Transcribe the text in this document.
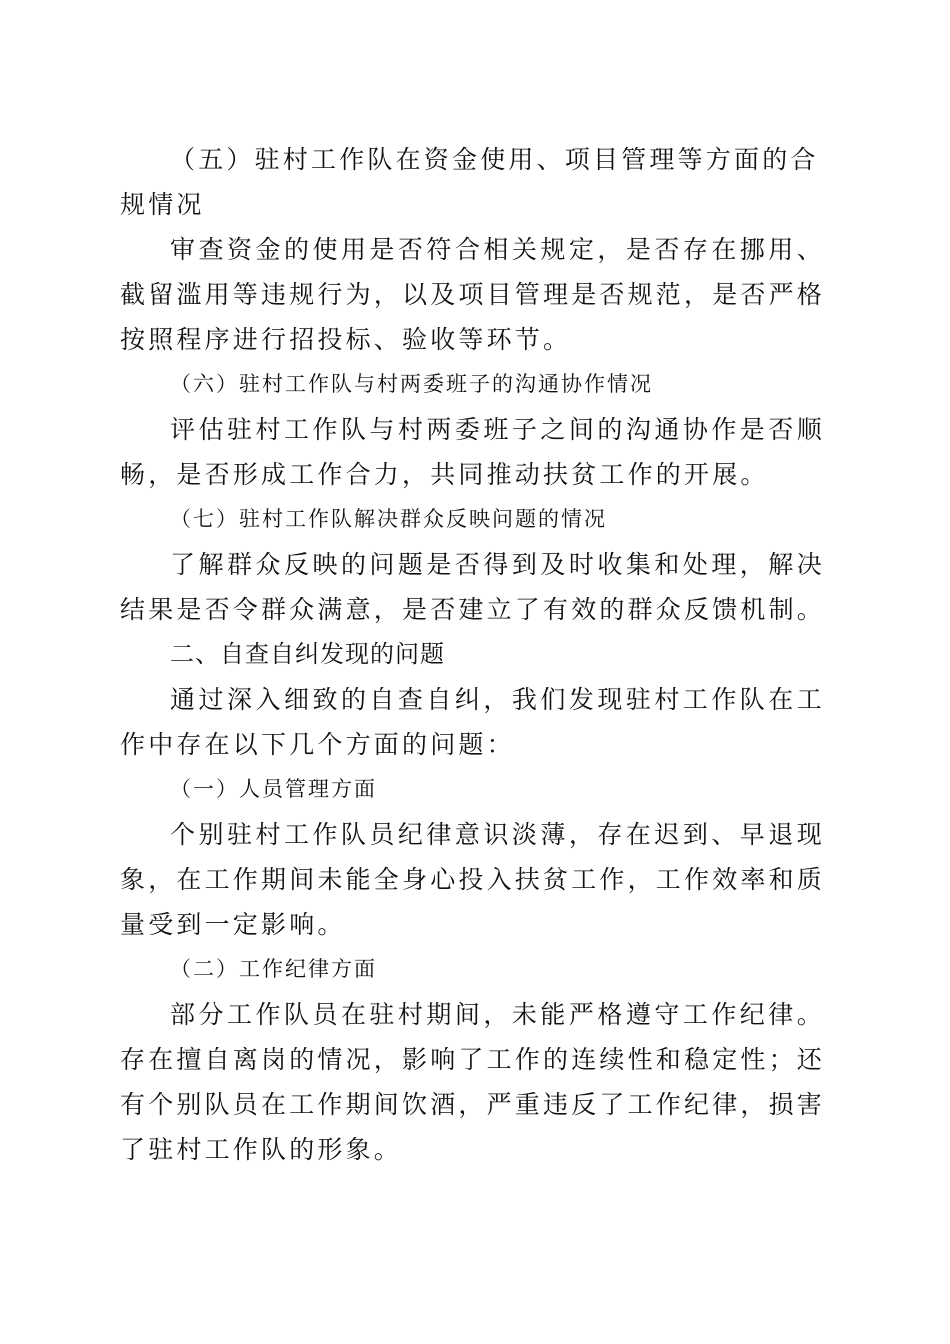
（五）驻村工作队在资金使用、项目管理等方面的合规情况

审查资金的使用是否符合相关规定，是否存在挪用、截留滥用等违规行为，以及项目管理是否规范，是否严格按照程序进行招投标、验收等环节。

（六）驻村工作队与村两委班子的沟通协作情况

评估驻村工作队与村两委班子之间的沟通协作是否顺畅，是否形成工作合力，共同推动扶贫工作的开展。

（七）驻村工作队解决群众反映问题的情况

了解群众反映的问题是否得到及时收集和处理，解决结果是否令群众满意，是否建立了有效的群众反馈机制。

二、自查自纠发现的问题

通过深入细致的自查自纠，我们发现驻村工作队在工作中存在以下几个方面的问题：

（一）人员管理方面

个别驻村工作队员纪律意识淡薄，存在迟到、早退现象，在工作期间未能全身心投入扶贫工作，工作效率和质量受到一定影响。

（二）工作纪律方面

部分工作队员在驻村期间，未能严格遵守工作纪律。存在擅自离岗的情况，影响了工作的连续性和稳定性；还有个别队员在工作期间饮酒，严重违反了工作纪律，损害了驻村工作队的形象。
